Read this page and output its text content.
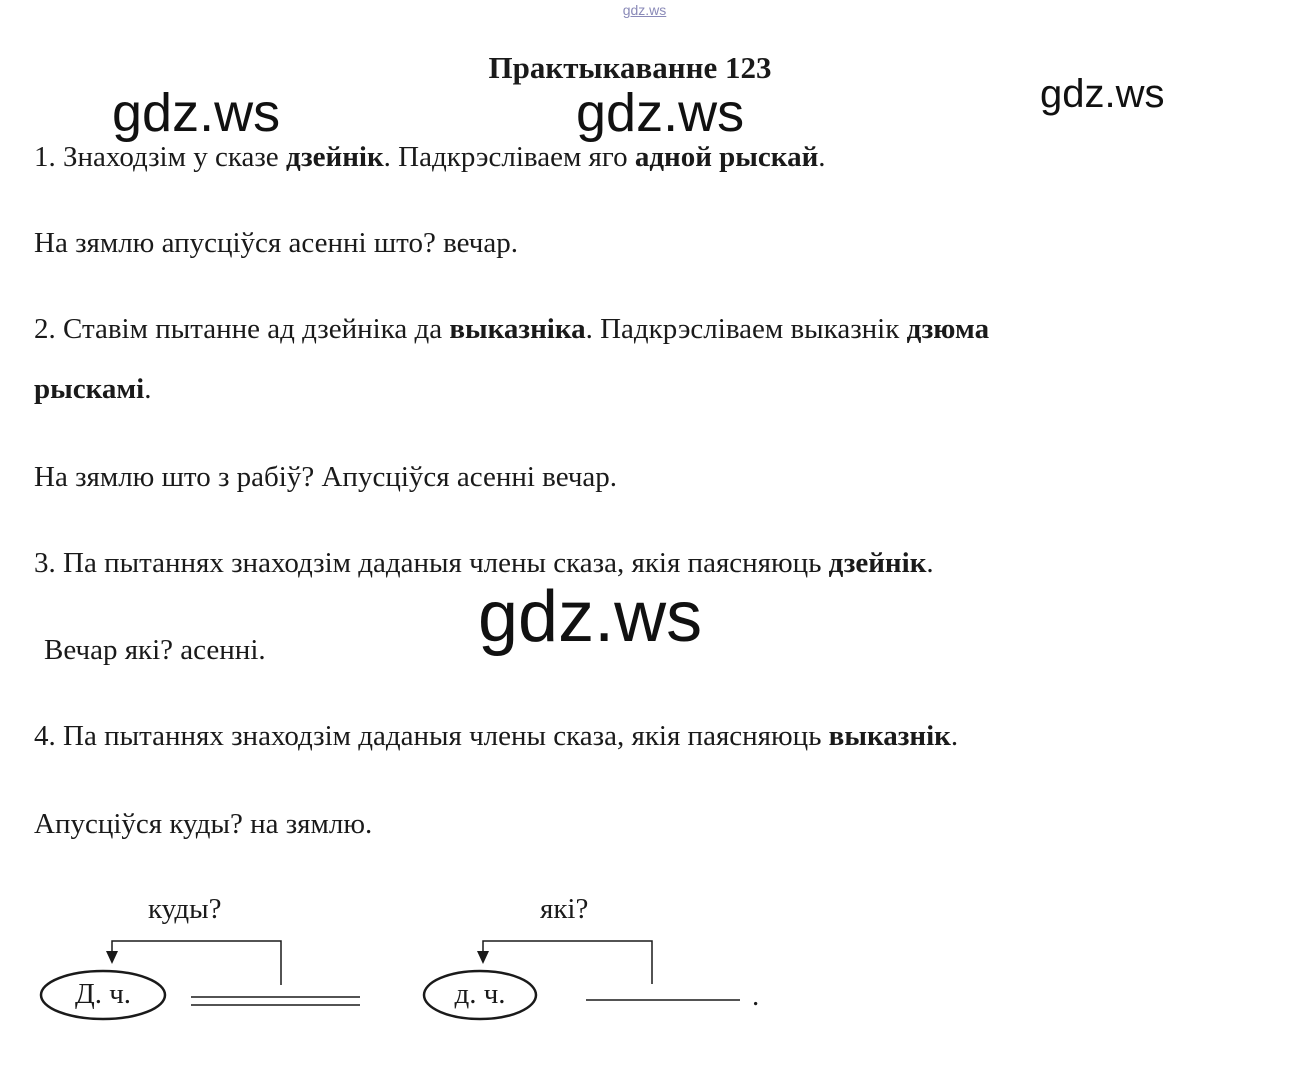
gdz.ws
Практыкаванне 123
gdz.ws	gdz.ws	gdz.ws
1. Знаходзім у сказе дзейнік. Падкрэсліваем яго адной рыскай.
На зямлю апусціўся асенні што? вечар.
2. Ставім пытанне ад дзейніка да выказніка. Падкрэсліваем выказнік дзюма
рыскамі.
На зямлю што з рабіў? Апусціўся асенні вечар.
3. Па пытаннях знаходзім даданыя члены сказа, якія паясняюць дзейнік.
Вечар які? асенні.	gdz.ws
4. Па пытаннях знаходзім даданыя члены сказа, якія паясняюць выказнік.
Апусціўся куды? на зямлю.
куды?	які?
Д. ч.	д. ч.	.
